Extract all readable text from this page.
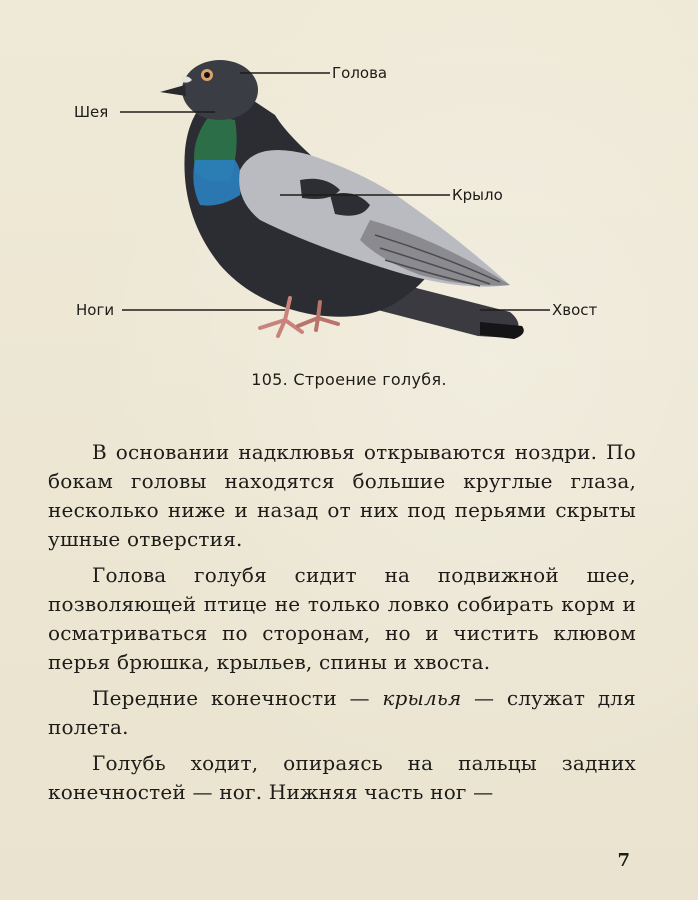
Голова
Шея
Крыло
Ноги	Хвост
105. Строение голубя.

В основании надклювья открываются ноздри. По бокам головы находятся большие круглые глаза, несколько ниже и назад от них под перьями скрыты ушные отверстия.

Голова голубя сидит на подвижной шее, позволяющей птице не только ловко собирать корм и осматриваться по сторонам, но и чистить клювом перья брюшка, крыльев, спины и хвоста.

Передние конечности — крылья — служат для полета.

Голубь ходит, опираясь на пальцы задних конечностей — ног. Нижняя часть ног —

7
